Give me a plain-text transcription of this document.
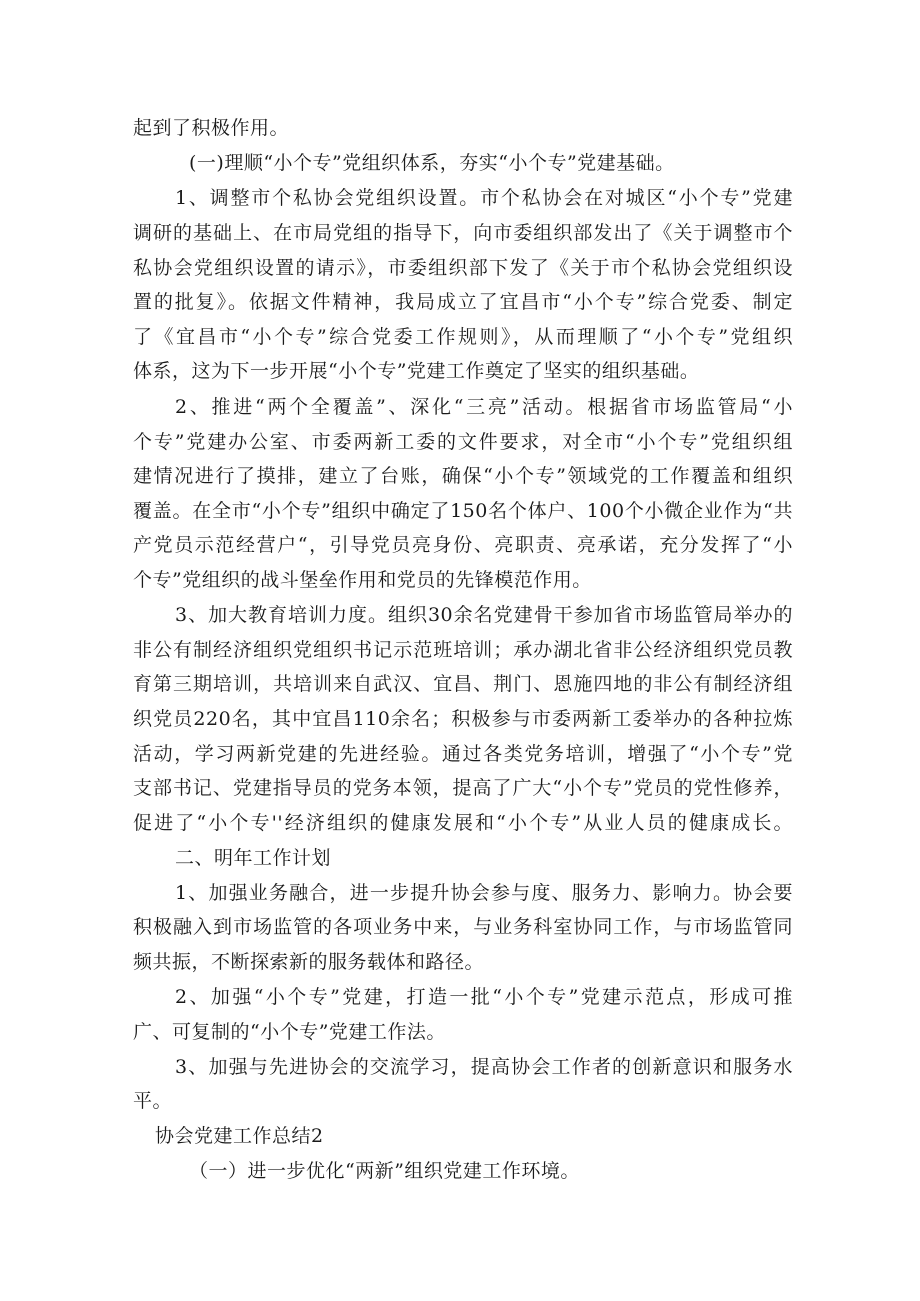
起到了积极作用。
(一)理顺“小个专”党组织体系，夯实“小个专”党建基础。
1、调整市个私协会党组织设置。市个私协会在对城区“小个专”党建
调研的基础上、在市局党组的指导下，向市委组织部发出了《关于调整市个
私协会党组织设置的请示》，市委组织部下发了《关于市个私协会党组织设
置的批复》。依据文件精神，我局成立了宜昌市“小个专”综合党委、制定
了《宜昌市“小个专”综合党委工作规则》，从而理顺了“小个专”党组织
体系，这为下一步开展“小个专”党建工作奠定了坚实的组织基础。
2、推进“两个全覆盖”、深化“三亮”活动。根据省市场监管局“小
个专”党建办公室、市委两新工委的文件要求，对全市“小个专”党组织组
建情况进行了摸排，建立了台账，确保“小个专”领域党的工作覆盖和组织
覆盖。在全市“小个专”组织中确定了150名个体户、100个小微企业作为“共
产党员示范经营户“，引导党员亮身份、亮职责、亮承诺，充分发挥了“小
个专”党组织的战斗堡垒作用和党员的先锋模范作用。
3、加大教育培训力度。组织30余名党建骨干参加省市场监管局举办的
非公有制经济组织党组织书记示范班培训；承办湖北省非公经济组织党员教
育第三期培训，共培训来自武汉、宜昌、荆门、恩施四地的非公有制经济组
织党员220名，其中宜昌110余名；积极参与市委两新工委举办的各种拉炼
活动，学习两新党建的先进经验。通过各类党务培训，增强了“小个专”党
支部书记、党建指导员的党务本领，提高了广大“小个专”党员的党性修养，
促进了“小个专''经济组织的健康发展和“小个专”从业人员的健康成长。
二、明年工作计划
1、加强业务融合，进一步提升协会参与度、服务力、影响力。协会要
积极融入到市场监管的各项业务中来，与业务科室协同工作，与市场监管同
频共振，不断探索新的服务载体和路径。
2、加强“小个专”党建，打造一批“小个专”党建示范点，形成可推
广、可复制的“小个专”党建工作法。
3、加强与先进协会的交流学习，提高协会工作者的创新意识和服务水
平。
协会党建工作总结2
（一）进一步优化“两新”组织党建工作环境。
